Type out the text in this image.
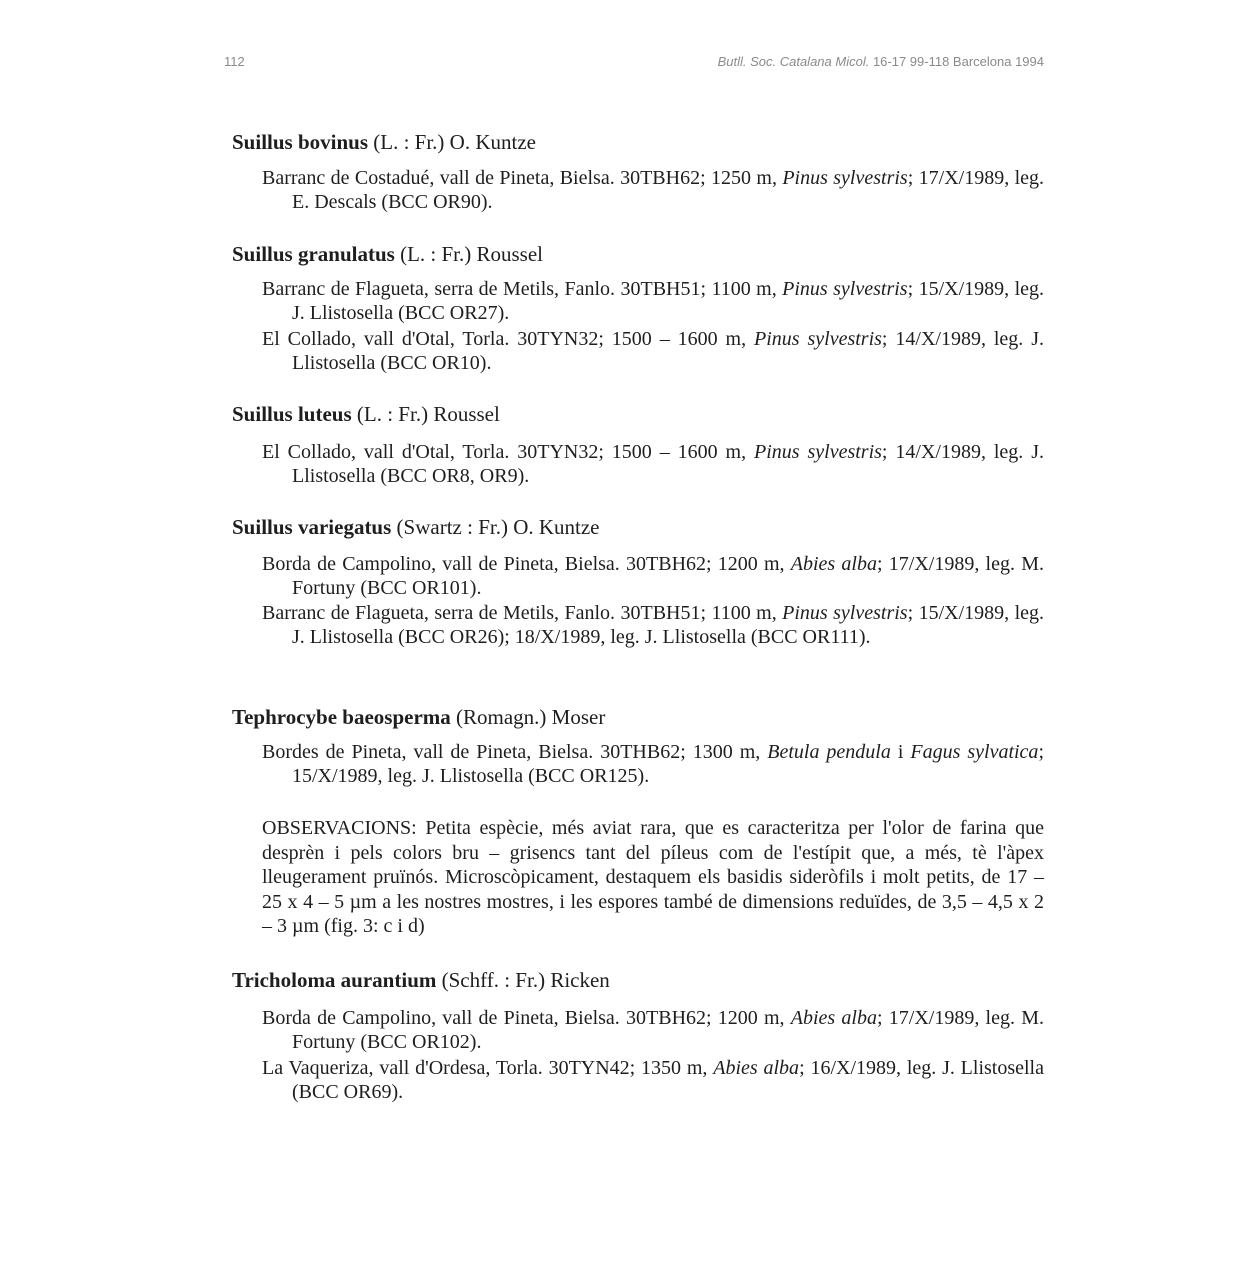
112	Butll. Soc. Catalana Micol. 16-17 99-118 Barcelona 1994
Suillus bovinus (L. : Fr.) O. Kuntze
Barranc de Costadué, vall de Pineta, Bielsa. 30TBH62; 1250 m, Pinus sylvestris; 17/X/1989, leg. E. Descals (BCC OR90).
Suillus granulatus (L. : Fr.) Roussel
Barranc de Flagueta, serra de Metils, Fanlo. 30TBH51; 1100 m, Pinus sylvestris; 15/X/1989, leg. J. Llistosella (BCC OR27).
El Collado, vall d'Otal, Torla. 30TYN32; 1500 – 1600 m, Pinus sylvestris; 14/X/1989, leg. J. Llistosella (BCC OR10).
Suillus luteus (L. : Fr.) Roussel
El Collado, vall d'Otal, Torla. 30TYN32; 1500 – 1600 m, Pinus sylvestris; 14/X/1989, leg. J. Llistosella (BCC OR8, OR9).
Suillus variegatus (Swartz : Fr.) O. Kuntze
Borda de Campolino, vall de Pineta, Bielsa. 30TBH62; 1200 m, Abies alba; 17/X/1989, leg. M. Fortuny (BCC OR101).
Barranc de Flagueta, serra de Metils, Fanlo. 30TBH51; 1100 m, Pinus sylvestris; 15/X/1989, leg. J. Llistosella (BCC OR26); 18/X/1989, leg. J. Llistosella (BCC OR111).
Tephrocybe baeosperma (Romagn.) Moser
Bordes de Pineta, vall de Pineta, Bielsa. 30THB62; 1300 m, Betula pendula i Fagus sylvatica; 15/X/1989, leg. J. Llistosella (BCC OR125).
OBSERVACIONS: Petita espècie, més aviat rara, que es caracteritza per l'olor de farina que desprèn i pels colors bru – grisencs tant del píleus com de l'estípit que, a més, tè l'àpex lleugerament pruïnós. Microscòpicament, destaquem els basidis sideròfils i molt petits, de 17 – 25 x 4 – 5 µm a les nostres mostres, i les espores també de dimensions reduïdes, de 3,5 – 4,5 x 2 – 3 µm (fig. 3: c i d)
Tricholoma aurantium (Schff. : Fr.) Ricken
Borda de Campolino, vall de Pineta, Bielsa. 30TBH62; 1200 m, Abies alba; 17/X/1989, leg. M. Fortuny (BCC OR102).
La Vaqueriza, vall d'Ordesa, Torla. 30TYN42; 1350 m, Abies alba; 16/X/1989, leg. J. Llistosella (BCC OR69).
